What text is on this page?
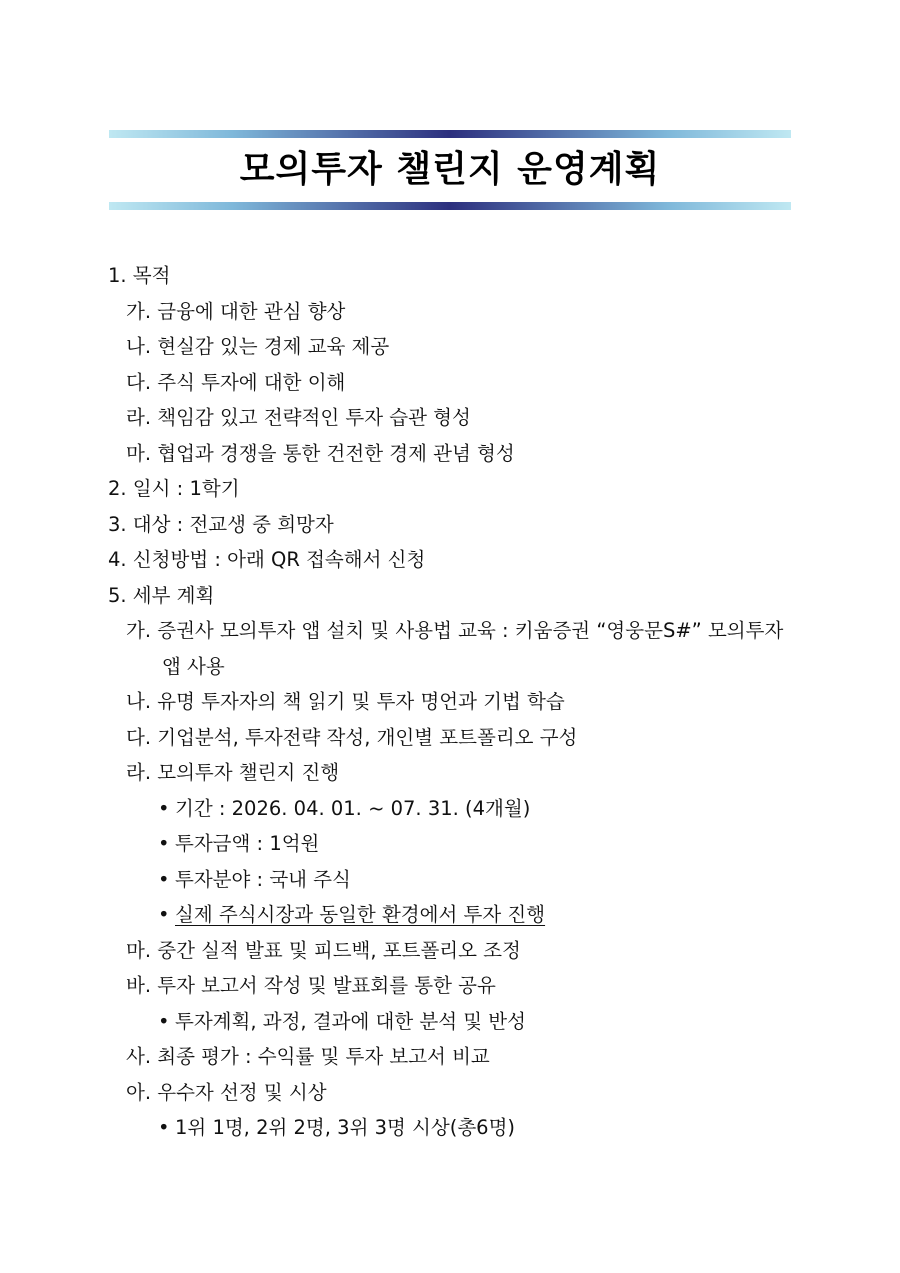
모의투자 챌린지 운영계획
1. 목적
가. 금융에 대한 관심 향상
나. 현실감 있는 경제 교육 제공
다. 주식 투자에 대한 이해
라. 책임감 있고 전략적인 투자 습관 형성
마. 협업과 경쟁을 통한 건전한 경제 관념 형성
2. 일시 : 1학기
3. 대상 : 전교생 중 희망자
4. 신청방법 : 아래 QR 접속해서 신청
5. 세부 계획
가. 증권사 모의투자 앱 설치 및 사용법 교육 : 키움증권 “영웅문S#” 모의투자
앱 사용
나. 유명 투자자의 책 읽기 및 투자 명언과 기법 학습
다. 기업분석, 투자전략 작성, 개인별 포트폴리오 구성
라. 모의투자 챌린지 진행
• 기간 : 2026. 04. 01. ~ 07. 31. (4개월)
• 투자금액 : 1억원
• 투자분야 : 국내 주식
• 실제 주식시장과 동일한 환경에서 투자 진행
마. 중간 실적 발표 및 피드백, 포트폴리오 조정
바. 투자 보고서 작성 및 발표회를 통한 공유
• 투자계획, 과정, 결과에 대한 분석 및 반성
사. 최종 평가 : 수익률 및 투자 보고서 비교
아. 우수자 선정 및 시상
• 1위 1명, 2위 2명, 3위 3명 시상(총6명)
